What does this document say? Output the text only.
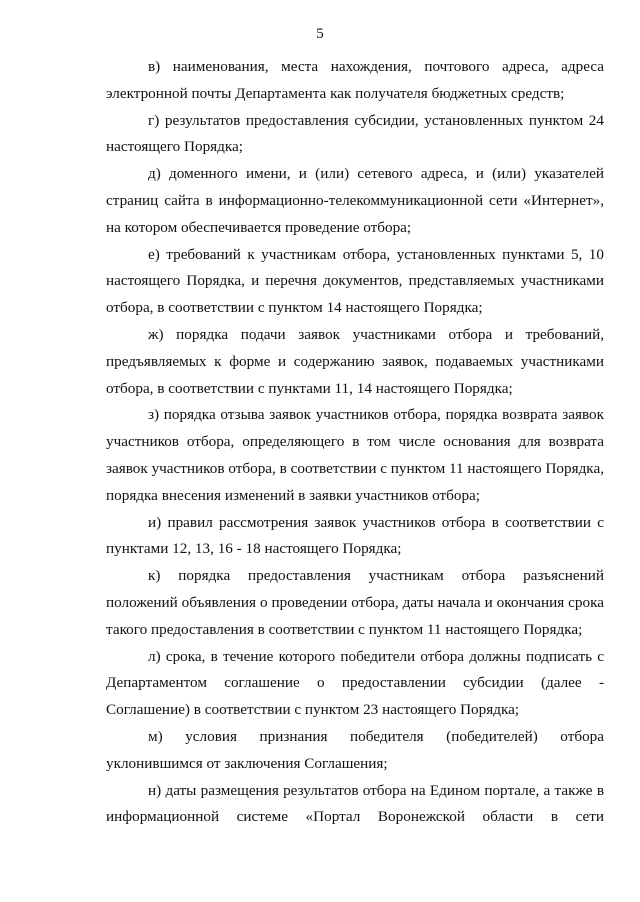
5

в) наименования, места нахождения, почтового адреса, адреса электронной почты Департамента как получателя бюджетных средств;

г) результатов предоставления субсидии, установленных пунктом 24 настоящего Порядка;

д) доменного имени, и (или) сетевого адреса, и (или) указателей страниц сайта в информационно-телекоммуникационной сети «Интернет», на котором обеспечивается проведение отбора;

е) требований к участникам отбора, установленных пунктами 5, 10 настоящего Порядка, и перечня документов, представляемых участниками отбора, в соответствии с пунктом 14 настоящего Порядка;

ж) порядка подачи заявок участниками отбора и требований, предъявляемых к форме и содержанию заявок, подаваемых участниками отбора, в соответствии с пунктами 11, 14 настоящего Порядка;

з) порядка отзыва заявок участников отбора, порядка возврата заявок участников отбора, определяющего в том числе основания для возврата заявок участников отбора, в соответствии с пунктом 11 настоящего Порядка, порядка внесения изменений в заявки участников отбора;

и) правил рассмотрения заявок участников отбора в соответствии с пунктами 12, 13, 16 - 18 настоящего Порядка;

к) порядка предоставления участникам отбора разъяснений положений объявления о проведении отбора, даты начала и окончания срока такого предоставления в соответствии с пунктом 11 настоящего Порядка;

л) срока, в течение которого победители отбора должны подписать с Департаментом соглашение о предоставлении субсидии (далее - Соглашение) в соответствии с пунктом 23 настоящего Порядка;

м) условия признания победителя (победителей) отбора уклонившимся от заключения Соглашения;

н) даты размещения результатов отбора на Едином портале, а также в информационной системе «Портал Воронежской области в сети
